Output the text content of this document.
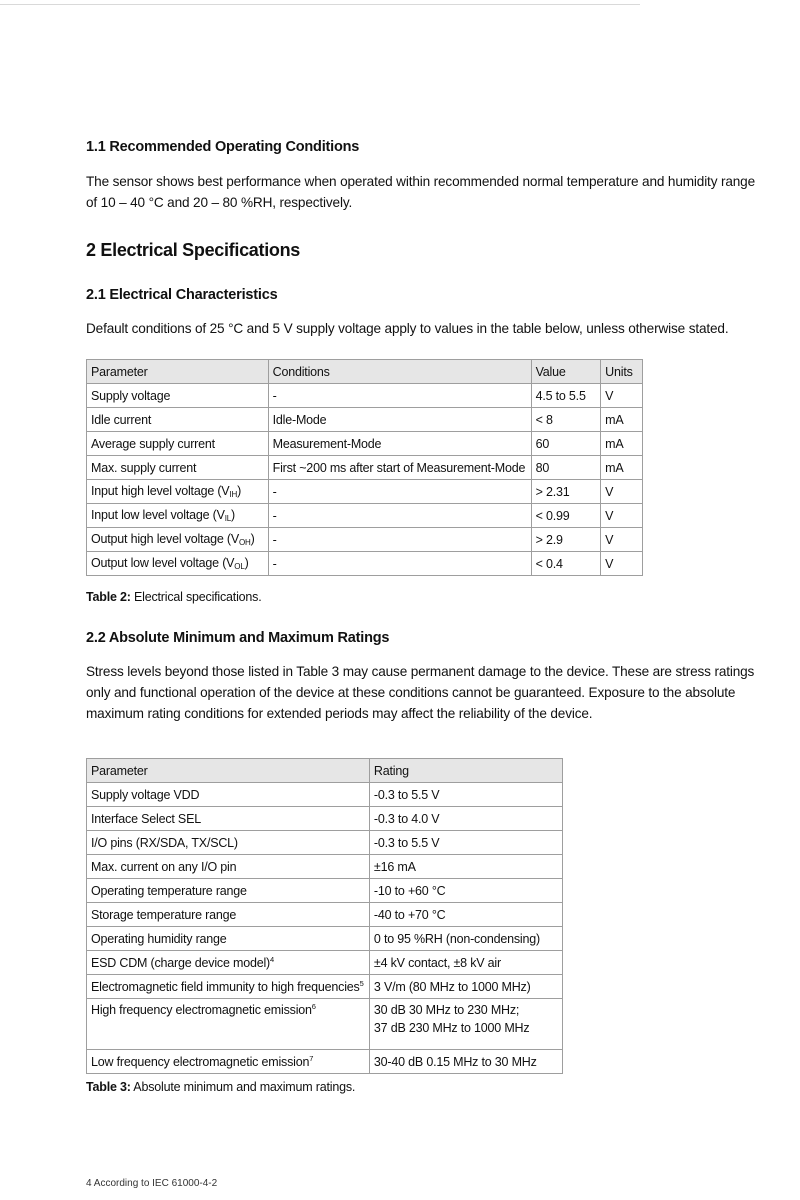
1.1 Recommended Operating Conditions
The sensor shows best performance when operated within recommended normal temperature and humidity range of 10 – 40 °C and 20 – 80 %RH, respectively.
2 Electrical Specifications
2.1 Electrical Characteristics
Default conditions of 25 °C and 5 V supply voltage apply to values in the table below, unless otherwise stated.
Parameter	Conditions	Value	Units
Supply voltage	-	4.5 to 5.5	V
Idle current	Idle-Mode	< 8	mA
Average supply current	Measurement-Mode	60	mA
Max. supply current	First ~200 ms after start of Measurement-Mode	80	mA
Input high level voltage $(V_{IH})$	-	> 2.31	V
Input low level voltage $(V_{IL})$	-	< 0.99	V
Output high level voltage $(V_{OH})$	-	> 2.9	V
Output low level voltage $(V_{OL})$	-	< 0.4	V
Table 2: Electrical specifications.
2.2 Absolute Minimum and Maximum Ratings
Stress levels beyond those listed in Table 3 may cause permanent damage to the device. These are stress ratings only and functional operation of the device at these conditions cannot be guaranteed. Exposure to the absolute maximum rating conditions for extended periods may affect the reliability of the device.
Parameter	Rating
Supply voltage VDD	-0.3 to 5.5 V
Interface Select SEL	-0.3 to 4.0 V
I/O pins (RX/SDA, TX/SCL)	-0.3 to 5.5 V
Max. current on any I/O pin	±16 mA
Operating temperature range	-10 to +60 °C
Storage temperature range	-40 to +70 °C
Operating humidity range	0 to 95 %RH (non-condensing)
ESD CDM (charge device model)$^4$	±4 kV contact, ±8 kV air
Electromagnetic field immunity to high frequencies$^5$	3 V/m (80 MHz to 1000 MHz)
High frequency electromagnetic emission$^6$	30 dB 30 MHz to 230 MHz;
37 dB 230 MHz to 1000 MHz

Low frequency electromagnetic emission$^7$	30-40 dB 0.15 MHz to 30 MHz
Table 3: Absolute minimum and maximum ratings.
4 According to IEC 61000-4-2
